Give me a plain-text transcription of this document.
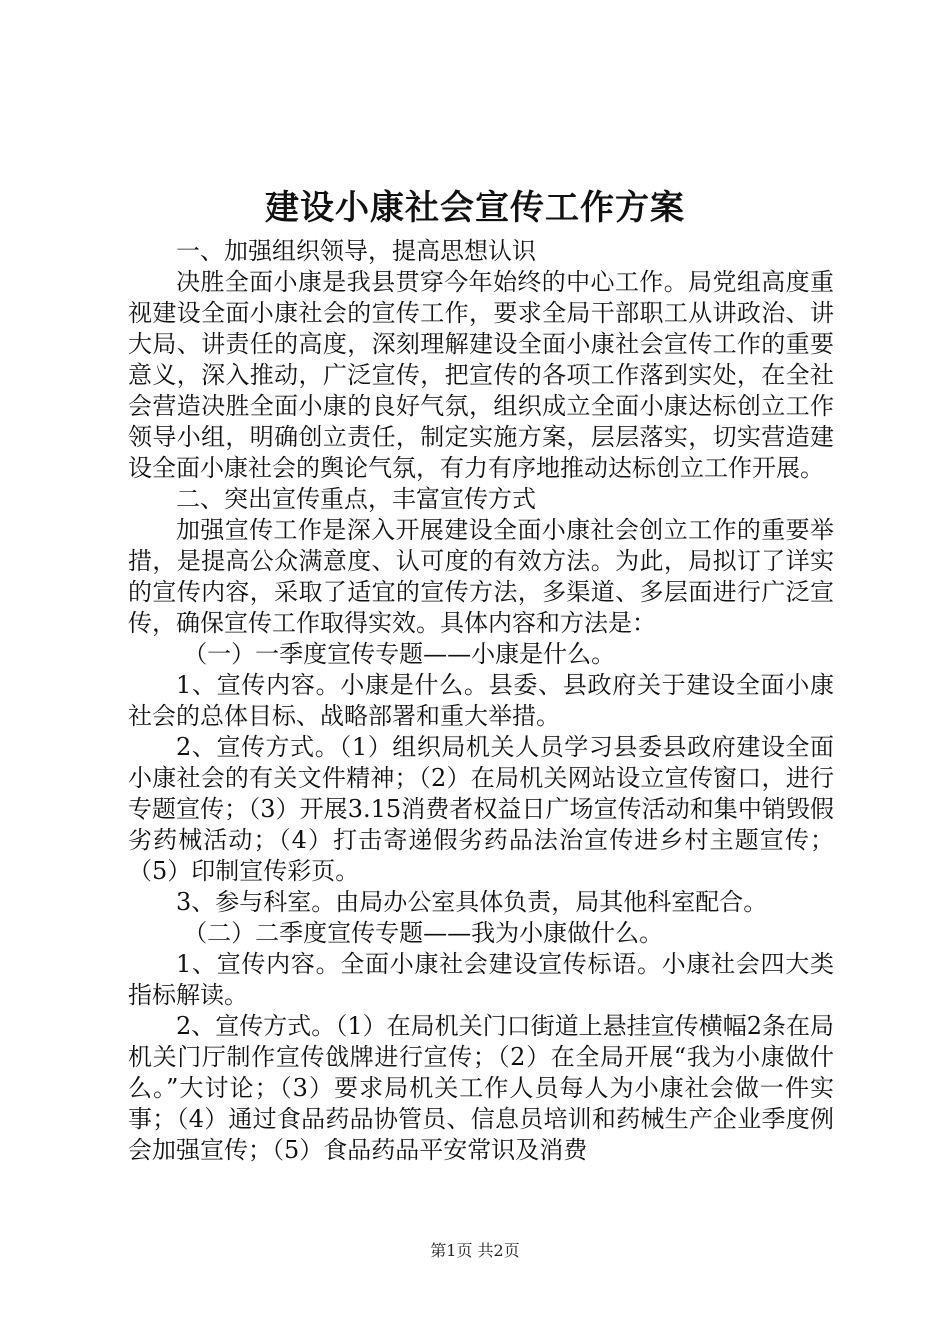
建设小康社会宣传工作方案

一、加强组织领导，提高思想认识

决胜全面小康是我县贯穿今年始终的中心工作。局党组高度重视建设全面小康社会的宣传工作，要求全局干部职工从讲政治、讲大局、讲责任的高度，深刻理解建设全面小康社会宣传工作的重要意义，深入推动，广泛宣传，把宣传的各项工作落到实处，在全社会营造决胜全面小康的良好气氛，组织成立全面小康达标创立工作领导小组，明确创立责任，制定实施方案，层层落实，切实营造建设全面小康社会的舆论气氛，有力有序地推动达标创立工作开展。

二、突出宣传重点，丰富宣传方式

加强宣传工作是深入开展建设全面小康社会创立工作的重要举措，是提高公众满意度、认可度的有效方法。为此，局拟订了详实的宣传内容，采取了适宜的宣传方法，多渠道、多层面进行广泛宣传，确保宣传工作取得实效。具体内容和方法是：

（一）一季度宣传专题——小康是什么。

1、宣传内容。小康是什么。县委、县政府关于建设全面小康社会的总体目标、战略部署和重大举措。

2、宣传方式。（1）组织局机关人员学习县委县政府建设全面小康社会的有关文件精神；（2）在局机关网站设立宣传窗口，进行专题宣传；（3）开展3.15消费者权益日广场宣传活动和集中销毁假劣药械活动；（4）打击寄递假劣药品法治宣传进乡村主题宣传；（5）印制宣传彩页。

3、参与科室。由局办公室具体负责，局其他科室配合。

（二）二季度宣传专题——我为小康做什么。

1、宣传内容。全面小康社会建设宣传标语。小康社会四大类指标解读。

2、宣传方式。（1）在局机关门口街道上悬挂宣传横幅2条在局机关门厅制作宣传戗牌进行宣传；（2）在全局开展“我为小康做什么。”大讨论；（3）要求局机关工作人员每人为小康社会做一件实事；（4）通过食品药品协管员、信息员培训和药械生产企业季度例会加强宣传；（5）食品药品平安常识及消费

第1页 共2页
